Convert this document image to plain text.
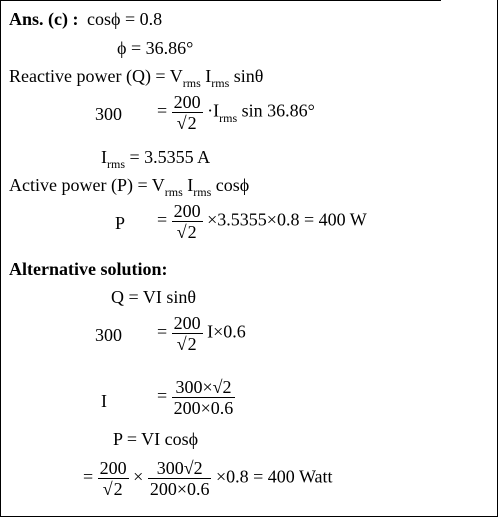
Ans. (c) : cosϕ = 0.8
ϕ = 36.86°
Reactive power $(Q) = V_{rms}$ $I_{rms}$ sinθ
$300 = \frac{200}{√2} \cdot I_{rms}$ sin 36.86°
$I_{rms} = 3.5355$ A
Active power $(P) = V_{rms}$ $I_{rms}$ cosϕ
$P = \frac{200}{√2} \times 3.5355\times 0.8 = 400$ W
Alternative solution:
Q = VI sinθ
$300 = \frac{200}{√2} I\times 0.6$
I	= $\frac{300\times√2}{200\times 0.6}$
P = VI cosϕ
= $\frac{200}{√2} \times \frac{300√2}{200\times 0.6} \times 0.8 = 400$ Watt
